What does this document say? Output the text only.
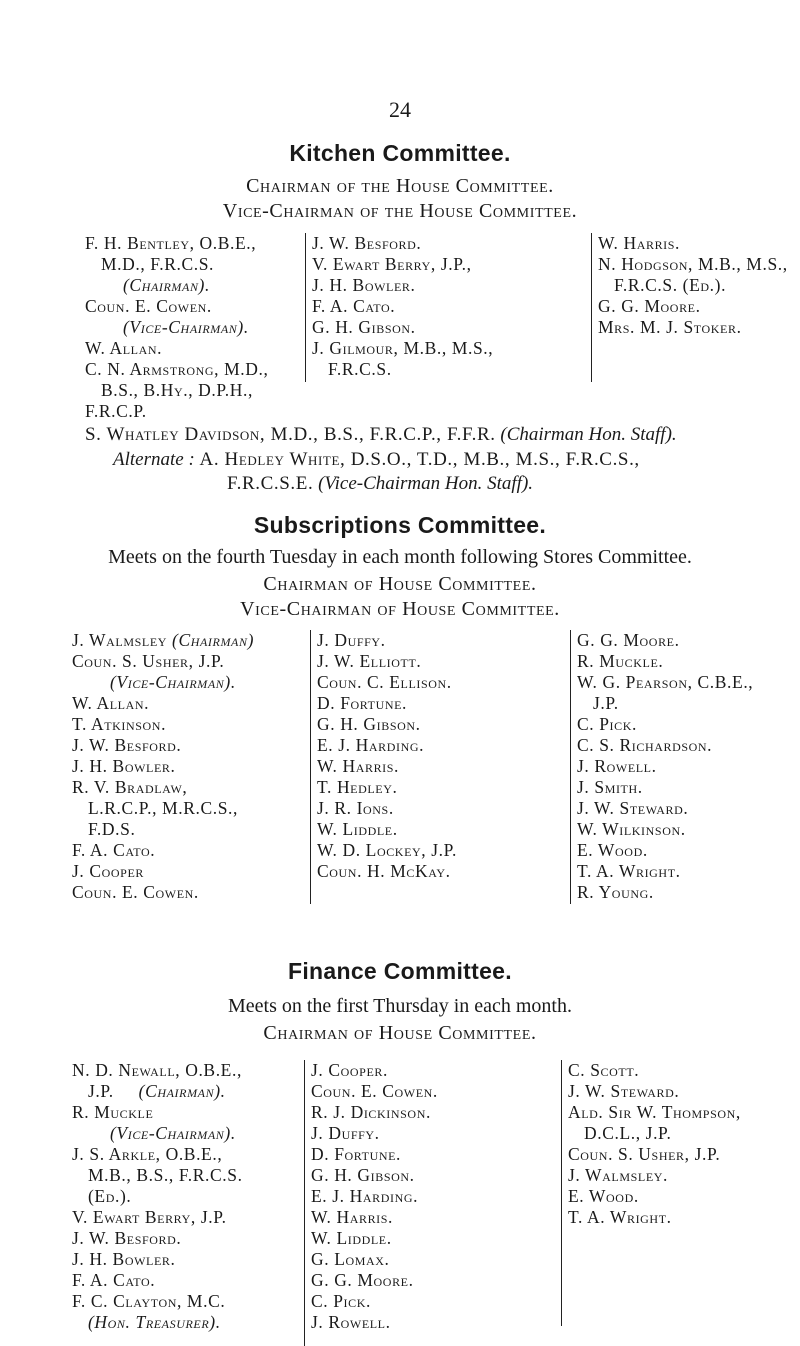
24
Kitchen Committee.
Chairman of the House Committee.
Vice-Chairman of the House Committee.
F. H. Bentley, O.B.E.,
M.D., F.R.C.S.
(Chairman).
Coun. E. Cowen.
(Vice-Chairman).
W. Allan.
C. N. Armstrong, M.D.,
B.S., B.Hy., D.P.H.,
F.R.C.P.
J. W. Besford.
V. Ewart Berry, J.P.,
J. H. Bowler.
F. A. Cato.
G. H. Gibson.
J. Gilmour, M.B., M.S.,
F.R.C.S.
W. Harris.
N. Hodgson, M.B., M.S.,
F.R.C.S. (Ed.).
G. G. Moore.
Mrs. M. J. Stoker.
S. Whatley Davidson, M.D., B.S., F.R.C.P., F.F.R. (Chairman Hon. Staff).
Alternate : A. Hedley White, D.S.O., T.D., M.B., M.S., F.R.C.S.,
F.R.C.S.E. (Vice-Chairman Hon. Staff).
Subscriptions Committee.
Meets on the fourth Tuesday in each month following Stores Committee.
Chairman of House Committee.
Vice-Chairman of House Committee.
J. Walmsley (Chairman)
Coun. S. Usher, J.P.
(Vice-Chairman).
W. Allan.
T. Atkinson.
J. W. Besford.
J. H. Bowler.
R. V. Bradlaw,
L.R.C.P., M.R.C.S.,
F.D.S.
F. A. Cato.
J. Cooper
Coun. E. Cowen.
J. Duffy.
J. W. Elliott.
Coun. C. Ellison.
D. Fortune.
G. H. Gibson.
E. J. Harding.
W. Harris.
T. Hedley.
J. R. Ions.
W. Liddle.
W. D. Lockey, J.P.
Coun. H. McKay.
G. G. Moore.
R. Muckle.
W. G. Pearson, C.B.E.,
J.P.
C. Pick.
C. S. Richardson.
J. Rowell.
J. Smith.
J. W. Steward.
W. Wilkinson.
E. Wood.
T. A. Wright.
R. Young.
Finance Committee.
Meets on the first Thursday in each month.
Chairman of House Committee.
N. D. Newall, O.B.E.,
J.P. (Chairman).
R. Muckle
(Vice-Chairman).
J. S. Arkle, O.B.E.,
M.B., B.S., F.R.C.S.
(Ed.).
V. Ewart Berry, J.P.
J. W. Besford.
J. H. Bowler.
F. A. Cato.
F. C. Clayton, M.C.
(Hon. Treasurer).
J. Cooper.
Coun. E. Cowen.
R. J. Dickinson.
J. Duffy.
D. Fortune.
G. H. Gibson.
E. J. Harding.
W. Harris.
W. Liddle.
G. Lomax.
G. G. Moore.
C. Pick.
J. Rowell.
C. Scott.
J. W. Steward.
Ald. Sir W. Thompson,
D.C.L., J.P.
Coun. S. Usher, J.P.
J. Walmsley.
E. Wood.
T. A. Wright.
